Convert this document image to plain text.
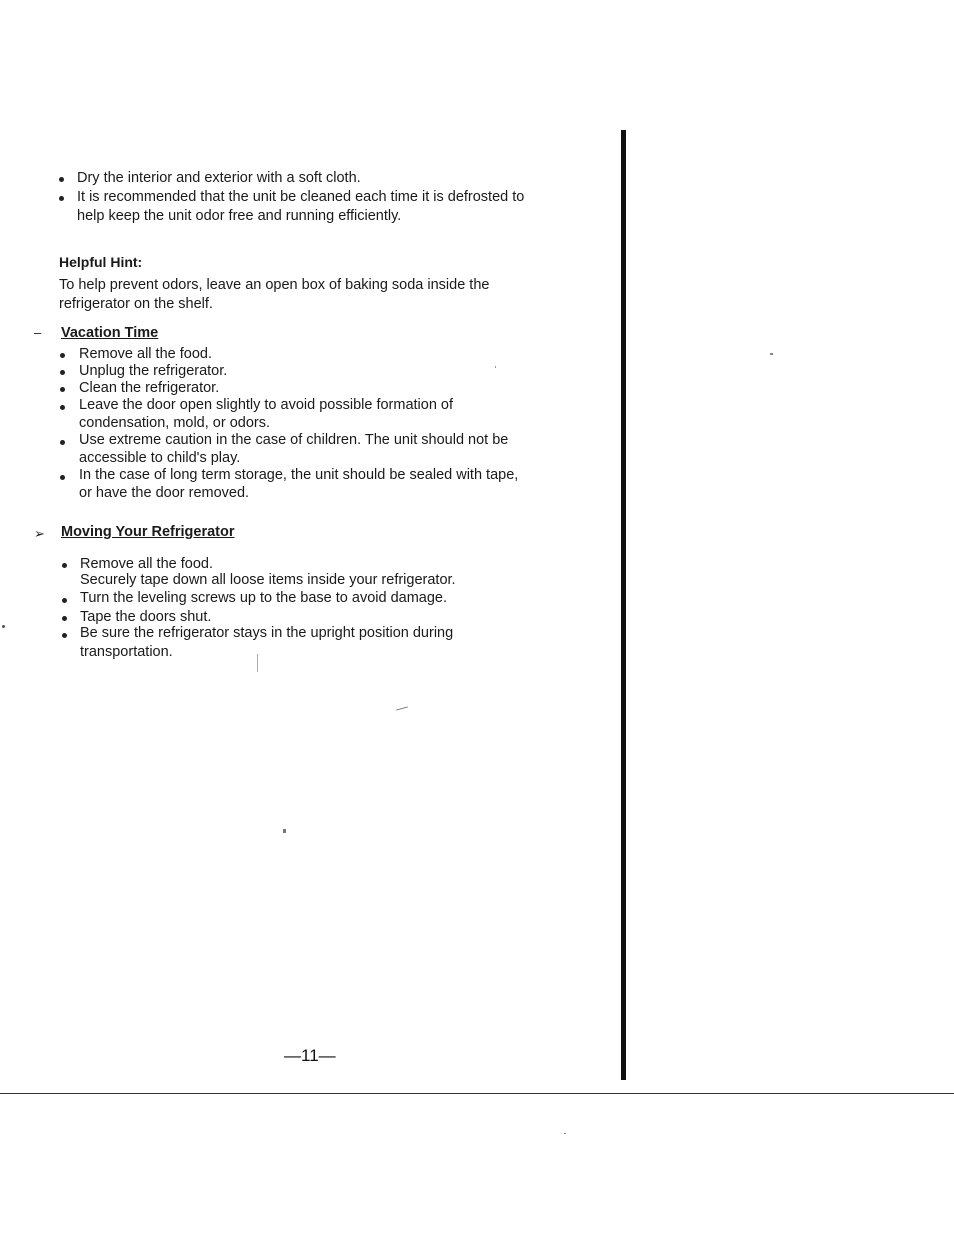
Dry the interior and exterior with a soft cloth.
It is recommended that the unit be cleaned each time it is defrosted to
help keep the unit odor free and running efficiently.
Helpful Hint:
To help prevent odors, leave an open box of baking soda inside the
refrigerator on the shelf.
– Vacation Time
Remove all the food.
Unplug the refrigerator.
Clean the refrigerator.
Leave the door open slightly to avoid possible formation of
condensation, mold, or odors.
Use extreme caution in the case of children. The unit should not be
accessible to child's play.
In the case of long term storage, the unit should be sealed with tape,
or have the door removed.
➢ Moving Your Refrigerator
Remove all the food.
Securely tape down all loose items inside your refrigerator.
Turn the leveling screws up to the base to avoid damage.
Tape the doors shut.
Be sure the refrigerator stays in the upright position during
transportation.
—11—
